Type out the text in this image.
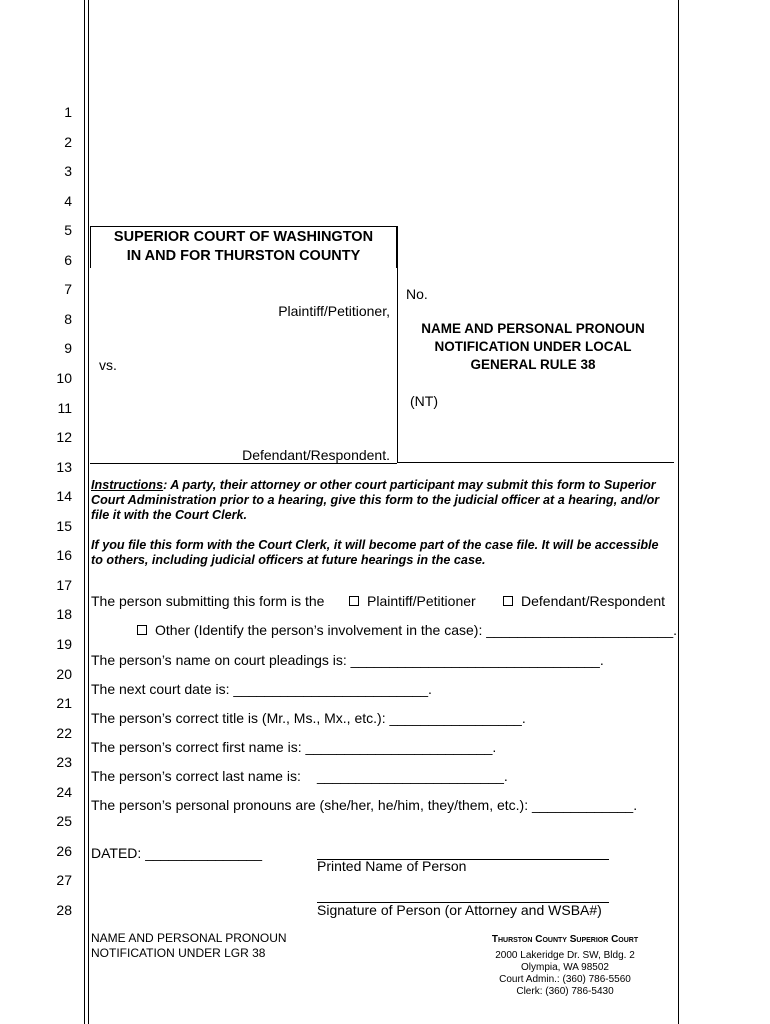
1
2
3
4
5
6
7
8
9
10
11
12
13
14
15
16
17
18
19
20
21
22
23
24
25
26
27
28
SUPERIOR COURT OF WASHINGTON
IN AND FOR THURSTON COUNTY
Plaintiff/Petitioner,
vs.
Defendant/Respondent.
No.
NAME AND PERSONAL PRONOUN
NOTIFICATION UNDER LOCAL
GENERAL RULE 38
(NT)
Instructions: A party, their attorney or other court participant may submit this form to Superior Court Administration prior to a hearing, give this form to the judicial officer at a hearing, and/or file it with the Court Clerk.
If you file this form with the Court Clerk, it will become part of the case file. It will be accessible to others, including judicial officers at future hearings in the case.
The person submitting this form is the	Plaintiff/Petitioner	Defendant/Respondent
Other (Identify the person’s involvement in the case): ________________________.
The person’s name on court pleadings is: ________________________________.
The next court date is: _________________________.
The person’s correct title is (Mr., Ms., Mx., etc.): _________________.
The person’s correct first name is: ________________________.
The person’s correct last name is: ________________________.
The person’s personal pronouns are (she/her, he/him, they/them, etc.): _____________.
DATED: _______________
Printed Name of Person
Signature of Person (or Attorney and WSBA#)
NAME AND PERSONAL PRONOUN
NOTIFICATION UNDER LGR 38
Thurston County Superior Court
2000 Lakeridge Dr. SW, Bldg. 2
Olympia, WA 98502
Court Admin.: (360) 786-5560
Clerk: (360) 786-5430
